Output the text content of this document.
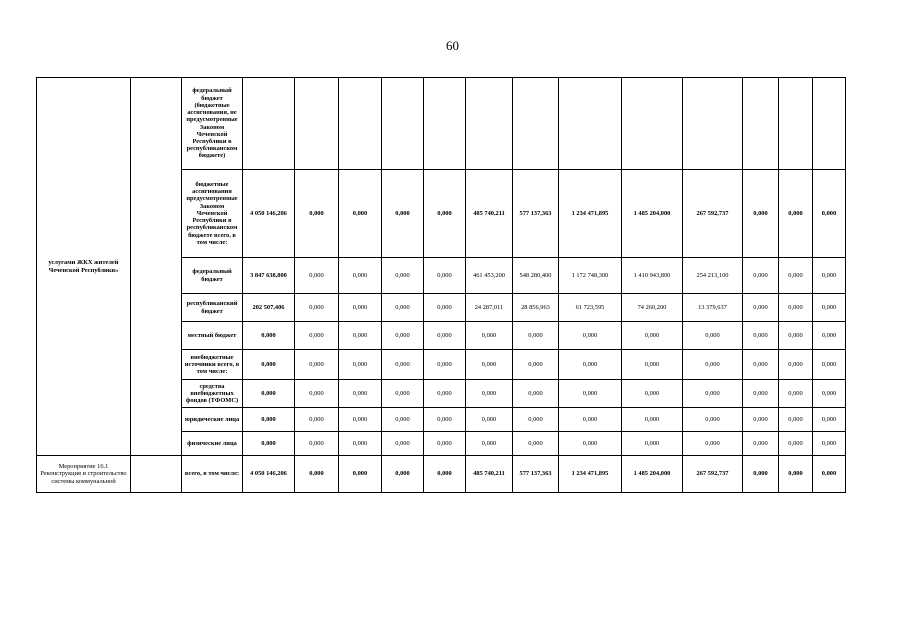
60
услугами ЖКХ жителей Чеченской Республики»		федеральный бюджет (бюджетные ассигнования, не предусмотренные Законом Чеченской Республики в республиканском бюджете)													
		бюджетные ассигнования предусмотренные Законом Чеченской Республики в республиканском бюджете всего, в том числе:	4 050 146,206	0,000	0,000	0,000	0,000	485 740,211	577 137,363	1 234 471,895	1 485 204,000	267 592,737	0,000	0,000	0,000
		федеральный бюджет	3 847 638,800	0,000	0,000	0,000	0,000	461 453,200	548 280,400	1 172 748,300	1 410 943,800	254 213,100	0,000	0,000	0,000
		республиканский бюджет	202 507,406	0,000	0,000	0,000	0,000	24 287,011	28 856,963	61 723,595	74 260,200	13 379,637	0,000	0,000	0,000
		местный бюджет	0,000	0,000	0,000	0,000	0,000	0,000	0,000	0,000	0,000	0,000	0,000	0,000	0,000
		внебюджетные источники всего, в том числе:	0,000	0,000	0,000	0,000	0,000	0,000	0,000	0,000	0,000	0,000	0,000	0,000	0,000
		средства внебюджетных фондов (ТФОМС)	0,000	0,000	0,000	0,000	0,000	0,000	0,000	0,000	0,000	0,000	0,000	0,000	0,000
		юридические лица	0,000	0,000	0,000	0,000	0,000	0,000	0,000	0,000	0,000	0,000	0,000	0,000	0,000
		физические лица	0,000	0,000	0,000	0,000	0,000	0,000	0,000	0,000	0,000	0,000	0,000	0,000	0,000
Мероприятие 16.1 Реконструкция и строительство системы коммунальной		всего, в том числе:	4 050 146,206	0,000	0,000	0,000	0,000	485 740,211	577 137,363	1 234 471,895	1 485 204,000	267 592,737	0,000	0,000	0,000
